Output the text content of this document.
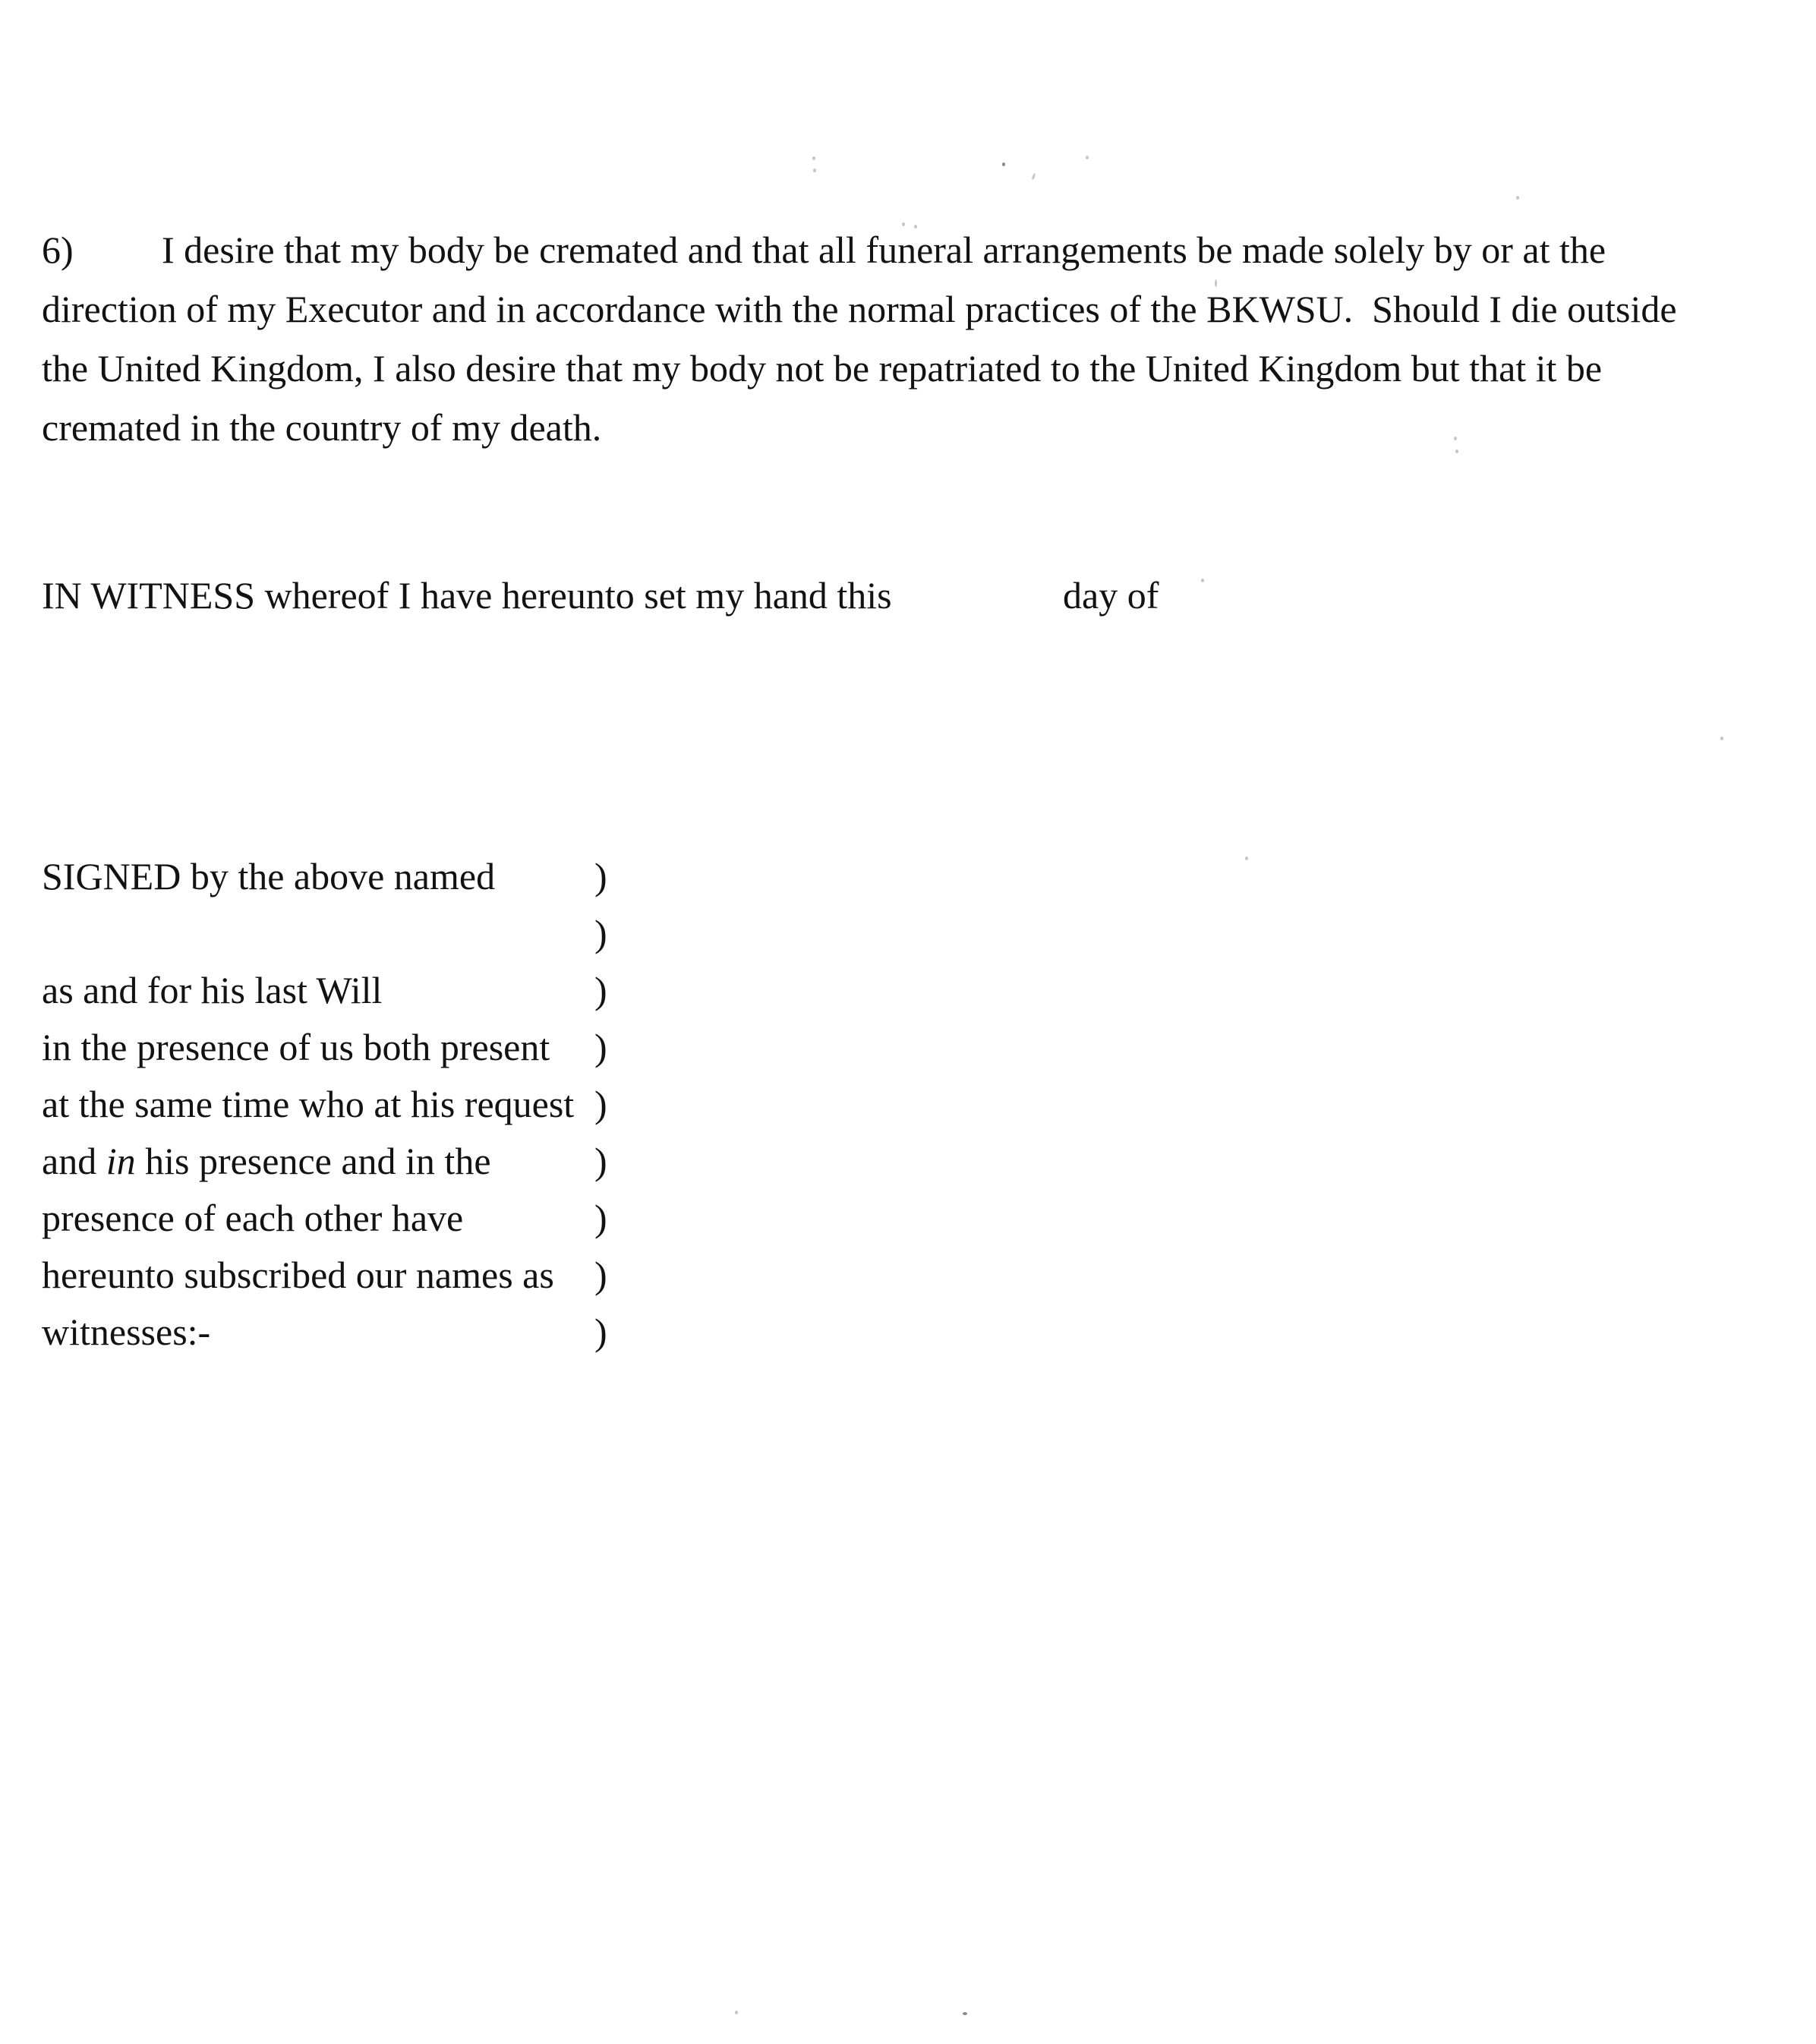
6) I desire that my body be cremated and that all funeral arrangements be made solely by or at the
direction of my Executor and in accordance with the normal practices of the BKWSU.  Should I die outside
the United Kingdom, I also desire that my body not be repatriated to the United Kingdom but that it be
cremated in the country of my death.
IN WITNESS whereof I have hereunto set my hand this	day of
SIGNED by the above named	)
)
as and for his last Will	)
in the presence of us both present )
at the same time who at his request )
and in his presence and in the	)
presence of each other have	)
hereunto subscribed our names as )
witnesses:-	)
